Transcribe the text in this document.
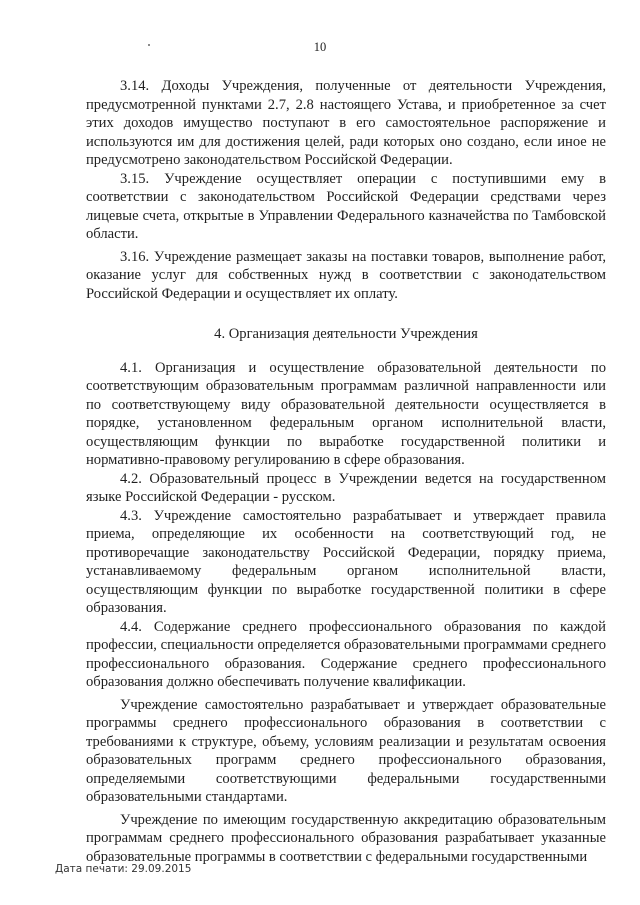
10

3.14. Доходы Учреждения, полученные от деятельности Учреждения, предусмотренной пунктами 2.7, 2.8 настоящего Устава, и приобретенное за счет этих доходов имущество поступают в его самостоятельное распоряжение и используются им для достижения целей, ради которых оно создано, если иное не предусмотрено законодательством Российской Федерации.

3.15. Учреждение осуществляет операции с поступившими ему в соответствии с законодательством Российской Федерации средствами через лицевые счета, открытые в Управлении Федерального казначейства по Тамбовской области.

3.16. Учреждение размещает заказы на поставки товаров, выполнение работ, оказание услуг для собственных нужд в соответствии с законодательством Российской Федерации и осуществляет их оплату.

4. Организация деятельности Учреждения

4.1. Организация и осуществление образовательной деятельности по соответствующим образовательным программам различной направленности или по соответствующему виду образовательной деятельности осуществляется в порядке, установленном федеральным органом исполнительной власти, осуществляющим функции по выработке государственной политики и нормативно-правовому регулированию в сфере образования.

4.2. Образовательный процесс в Учреждении ведется на государственном языке Российской Федерации - русском.

4.3. Учреждение самостоятельно разрабатывает и утверждает правила приема, определяющие их особенности на соответствующий год, не противоречащие законодательству Российской Федерации, порядку приема, устанавливаемому федеральным органом исполнительной власти, осуществляющим функции по выработке государственной политики в сфере образования.

4.4. Содержание среднего профессионального образования по каждой профессии, специальности определяется образовательными программами среднего профессионального образования. Содержание среднего профессионального образования должно обеспечивать получение квалификации.

Учреждение самостоятельно разрабатывает и утверждает образовательные программы среднего профессионального образования в соответствии с требованиями к структуре, объему, условиям реализации и результатам освоения образовательных программ среднего профессионального образования, определяемыми соответствующими федеральными государственными образовательными стандартами.

Учреждение по имеющим государственную аккредитацию образовательным программам среднего профессионального образования разрабатывает указанные образовательные программы в соответствии с федеральными государственными

Дата печати: 29.09.2015
